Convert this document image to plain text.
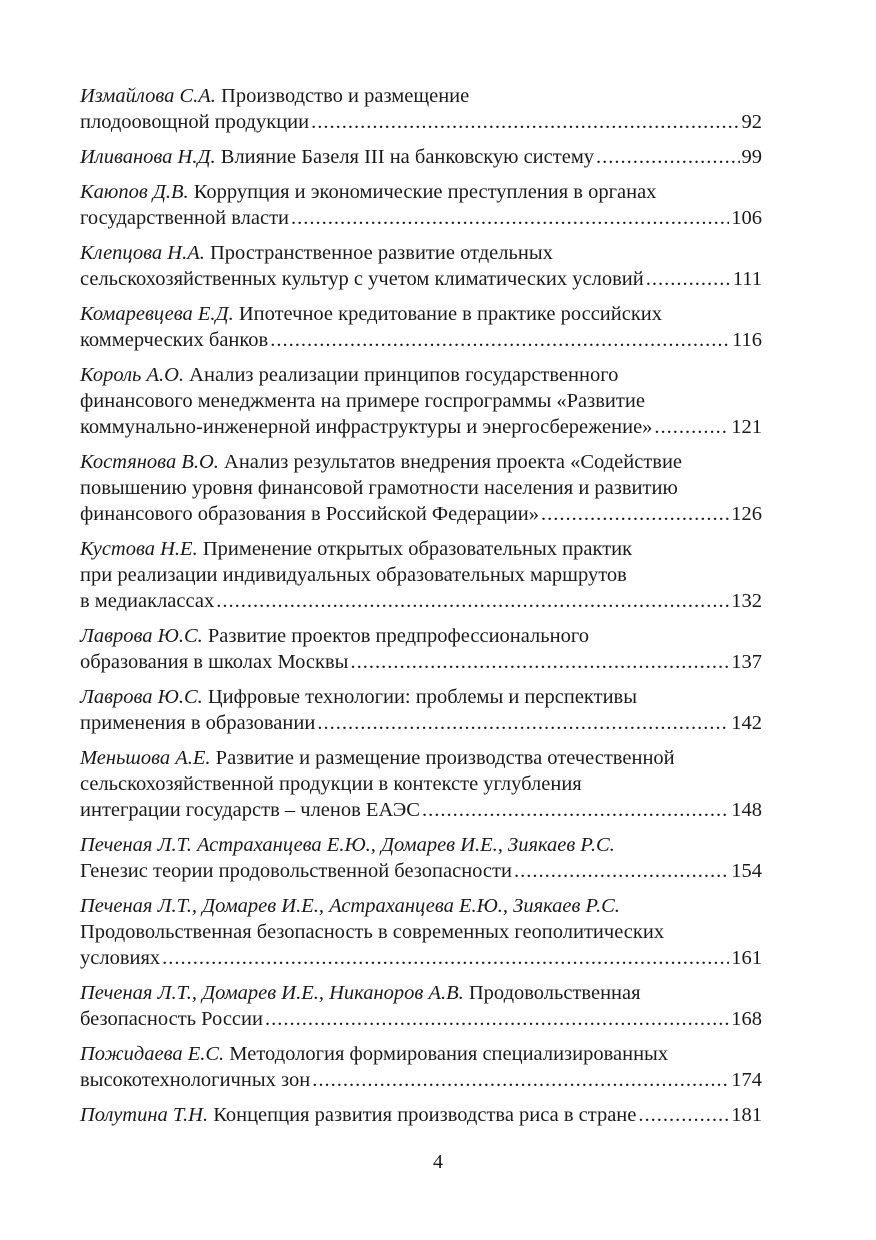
Измайлова С.А. Производство и размещение
плодоовощной продукции .....	92
Иливанова Н.Д. Влияние Базеля III на банковскую систему .....	99
Каюпов Д.В. Коррупция и экономические преступления в органах
государственной власти .....	106
Клепцова Н.А. Пространственное развитие отдельных
сельскохозяйственных культур с учетом климатических условий .....	111
Комаревцева Е.Д. Ипотечное кредитование в практике российских
коммерческих банков .....	116
Король А.О. Анализ реализации принципов государственного
финансового менеджмента на примере госпрограммы «Развитие
коммунально-инженерной инфраструктуры и энергосбережение» .....	121
Костянова В.О. Анализ результатов внедрения проекта «Содействие
повышению уровня финансовой грамотности населения и развитию
финансового образования в Российской Федерации» .....	126
Кустова Н.Е. Применение открытых образовательных практик
при реализации индивидуальных образовательных маршрутов
в медиаклассах .....	132
Лаврова Ю.С. Развитие проектов предпрофессионального
образования в школах Москвы .....	137
Лаврова Ю.С. Цифровые технологии: проблемы и перспективы
применения в образовании .....	142
Меньшова А.Е. Развитие и размещение производства отечественной
сельскохозяйственной продукции в контексте углубления
интеграции государств – членов ЕАЭС .....	148
Печеная Л.Т. Астраханцева Е.Ю., Домарев И.Е., Зиякаев Р.С.
Генезис теории продовольственной безопасности .....	154
Печеная Л.Т., Домарев И.Е., Астраханцева Е.Ю., Зиякаев Р.С.
Продовольственная безопасность в современных геополитических
условиях .....	161
Печеная Л.Т., Домарев И.Е., Никаноров А.В. Продовольственная
безопасность России .....	168
Пожидаева Е.С. Методология формирования специализированных
высокотехнологичных зон .....	174
Полутина Т.Н. Концепция развития производства риса в стране .....	181
4
